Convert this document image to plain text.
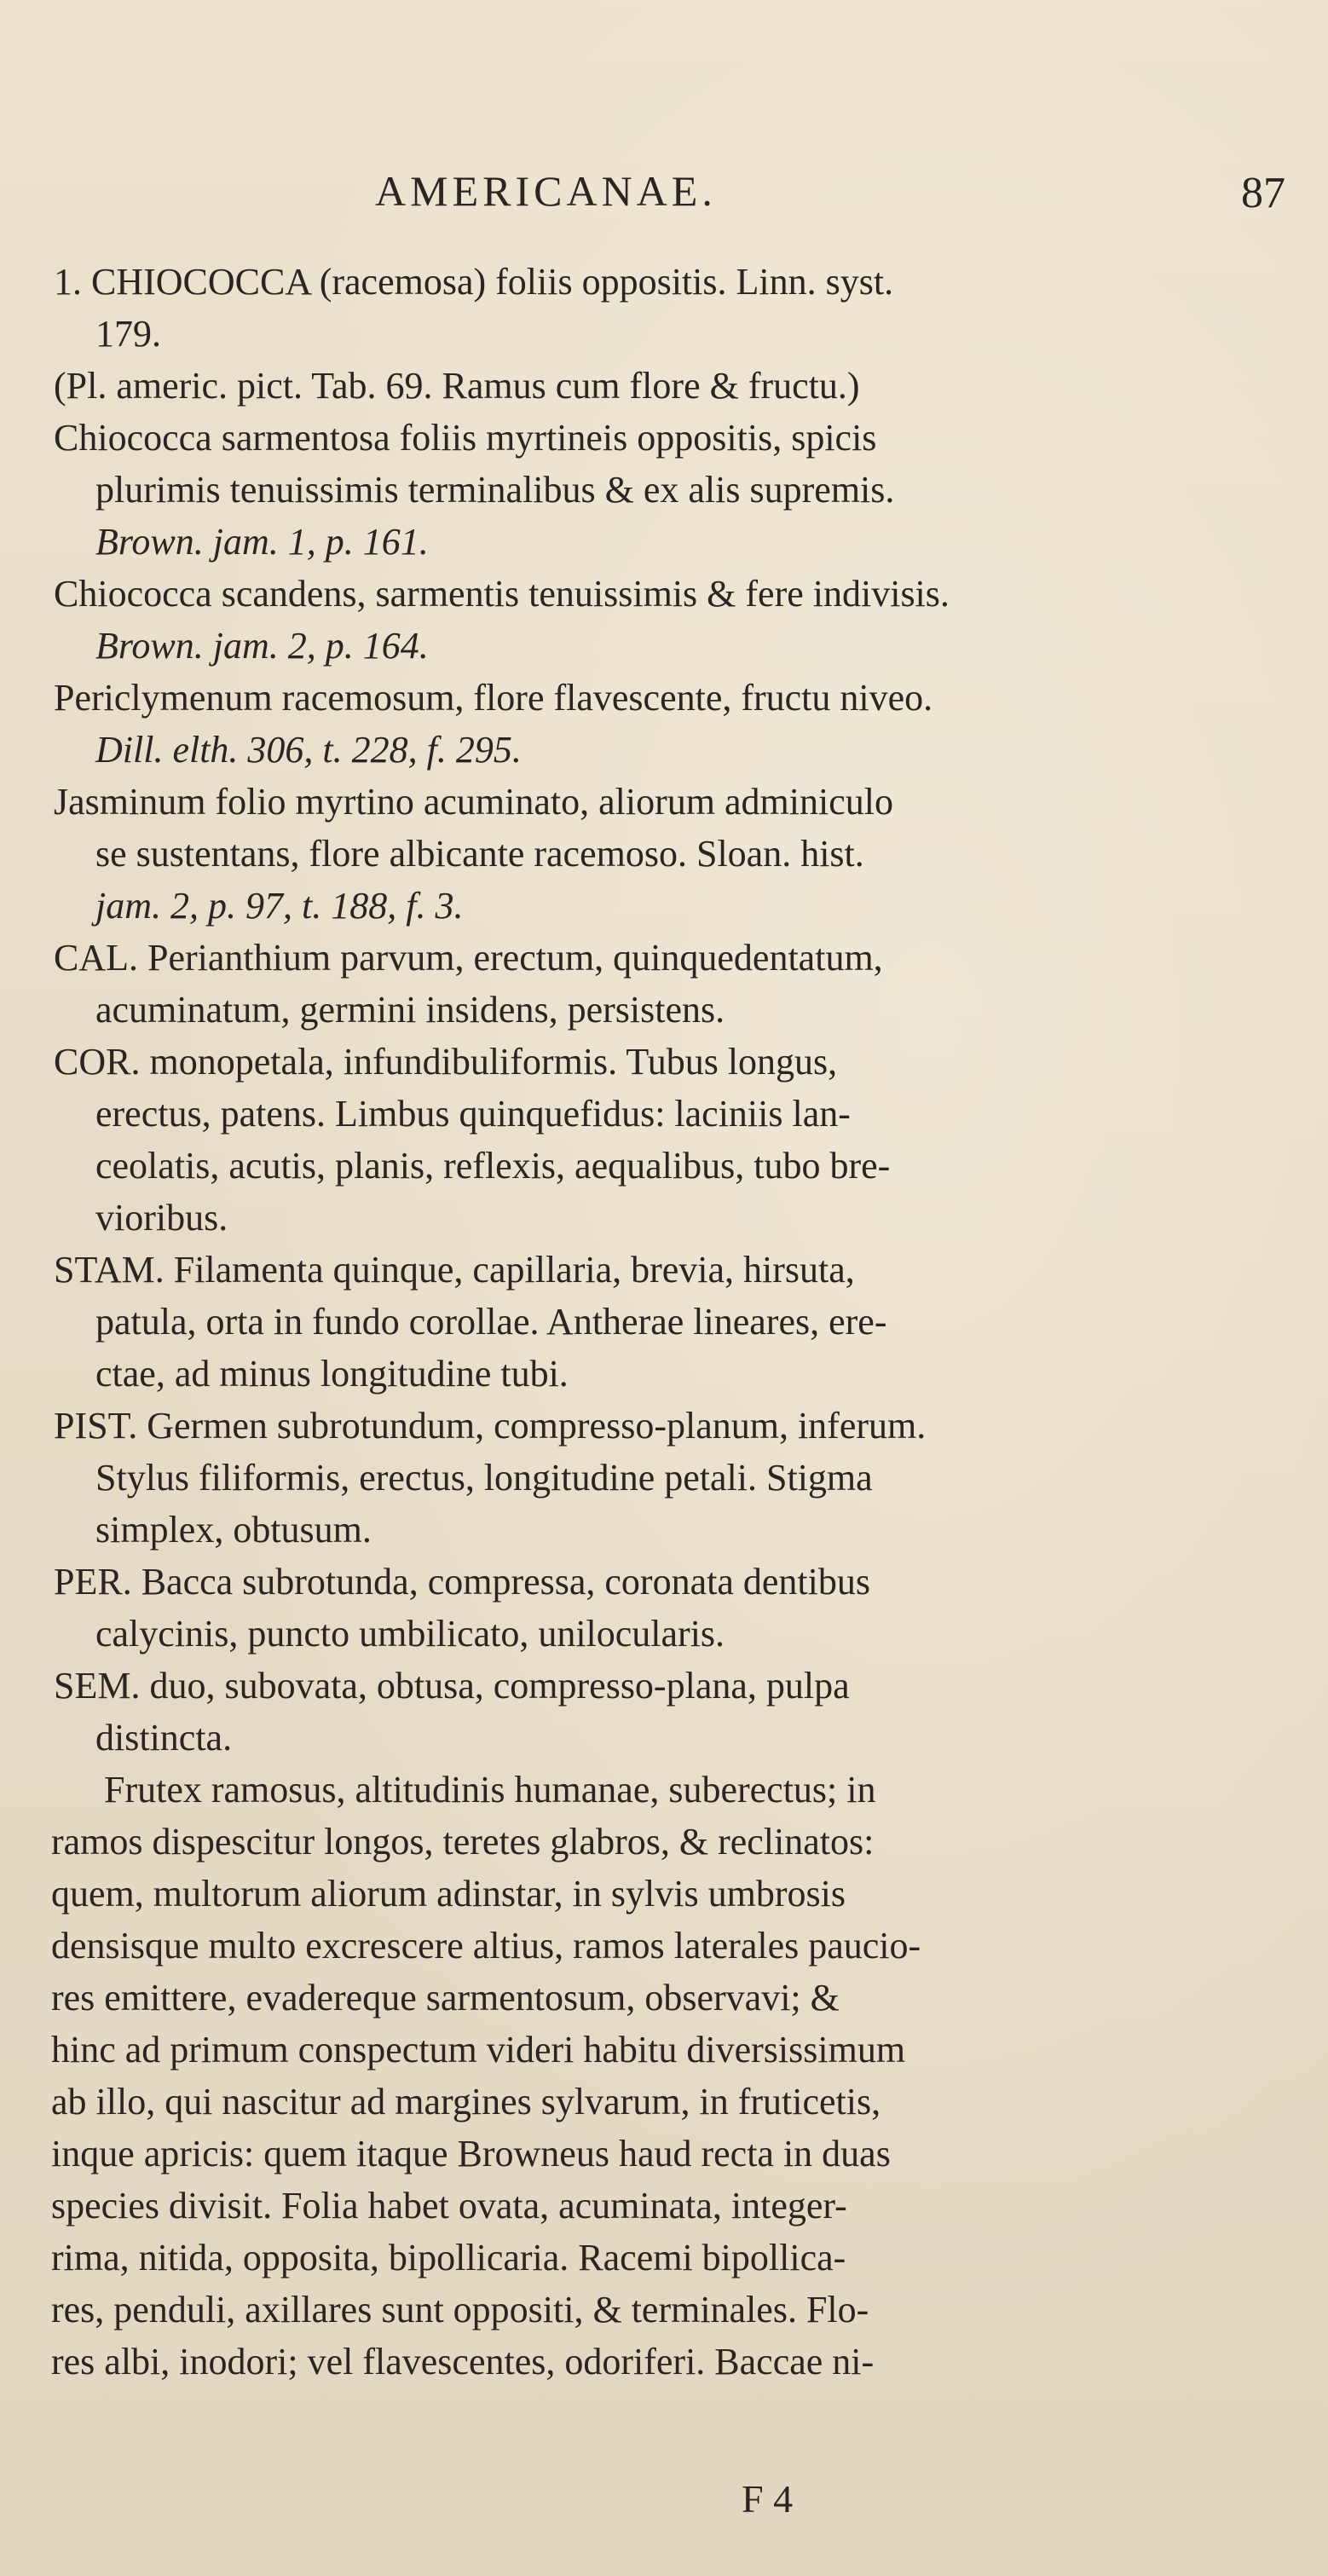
AMERICANAE.	87
1. CHIOCOCCA (racemosa) foliis oppositis. Linn. syst.
179.
(Pl. americ. pict. Tab. 69. Ramus cum flore & fructu.)
Chiococca sarmentosa foliis myrtineis oppositis, spicis
plurimis tenuissimis terminalibus & ex alis supremis.
Brown. jam. 1, p. 161.
Chiococca scandens, sarmentis tenuissimis & fere indivisis.
Brown. jam. 2, p. 164.
Periclymenum racemosum, flore flavescente, fructu niveo.
Dill. elth. 306, t. 228, f. 295.
Jasminum folio myrtino acuminato, aliorum adminiculo
se sustentans, flore albicante racemoso. Sloan. hist.
jam. 2, p. 97, t. 188, f. 3.
CAL. Perianthium parvum, erectum, quinquedentatum,
acuminatum, germini insidens, persistens.
COR. monopetala, infundibuliformis. Tubus longus,
erectus, patens. Limbus quinquefidus: laciniis lan-
ceolatis, acutis, planis, reflexis, aequalibus, tubo bre-
vioribus.
STAM. Filamenta quinque, capillaria, brevia, hirsuta,
patula, orta in fundo corollae. Antherae lineares, ere-
ctae, ad minus longitudine tubi.
PIST. Germen subrotundum, compresso-planum, inferum.
Stylus filiformis, erectus, longitudine petali. Stigma
simplex, obtusum.
PER. Bacca subrotunda, compressa, coronata dentibus
calycinis, puncto umbilicato, unilocularis.
SEM. duo, subovata, obtusa, compresso-plana, pulpa
distincta.
Frutex ramosus, altitudinis humanae, suberectus; in
ramos dispescitur longos, teretes glabros, & reclinatos:
quem, multorum aliorum adinstar, in sylvis umbrosis
densisque multo excrescere altius, ramos laterales paucio-
res emittere, evadereque sarmentosum, observavi; &
hinc ad primum conspectum videri habitu diversissimum
ab illo, qui nascitur ad margines sylvarum, in fruticetis,
inque apricis: quem itaque Browneus haud recta in duas
species divisit. Folia habet ovata, acuminata, integer-
rima, nitida, opposita, bipollicaria. Racemi bipollica-
res, penduli, axillares sunt oppositi, & terminales. Flo-
res albi, inodori; vel flavescentes, odoriferi. Baccae ni-
F 4
